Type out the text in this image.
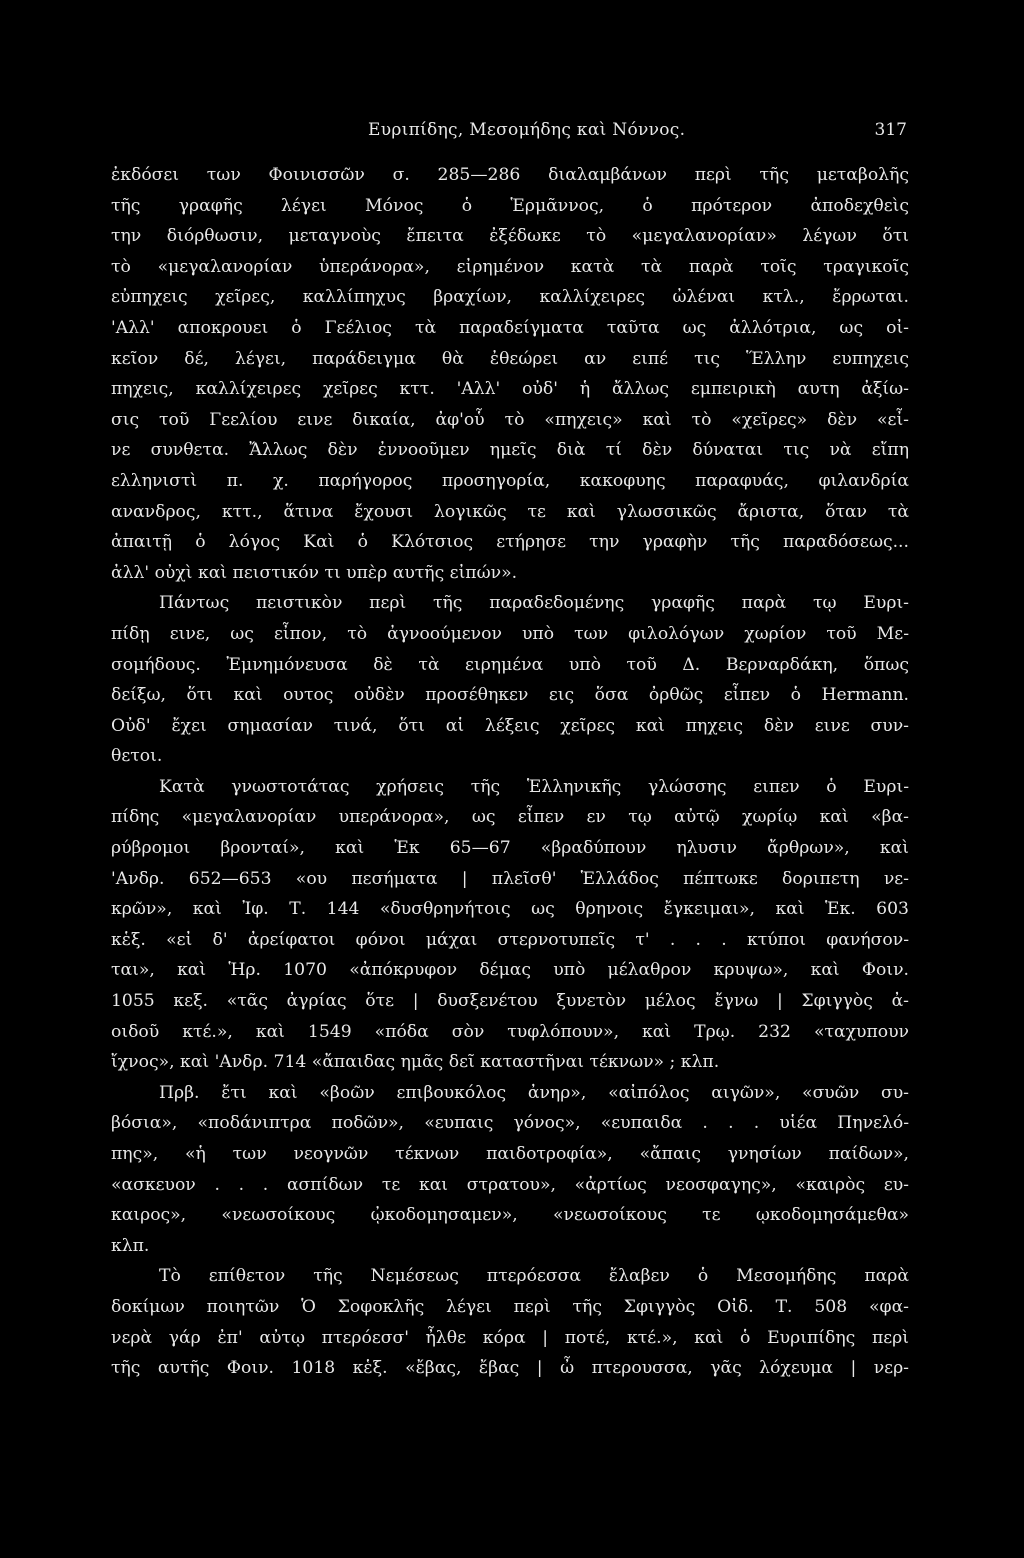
Ευριπίδης, Μεσομήδης καὶ Νόννος.	317
ἐκδόσει των Φοινισσῶν σ. 285—286 διαλαμβάνων περὶ τῆς μεταβολῆς
τῆς γραφῆς λέγει Μόνος ὁ Ἑρμᾶννος, ὁ πρότερον ἀποδεχθεὶς
την διόρθωσιν, μεταγνοὺς ἔπειτα ἐξέδωκε τὸ «μεγαλανορίαν» λέγων ὅτι
τὸ «μεγαλανορίαν ὑπεράνορα», εἰρημένον κατὰ τὰ παρὰ τοῖς τραγικοῖς
εὐπηχεις χεῖρες, καλλίπηχυς βραχίων, καλλίχειρες ὠλέναι κτλ., ἔρρωται.
'Αλλ' αποκρουει ὁ Γεέλιος τὰ παραδείγματα ταῦτα ως ἀλλότρια, ως οἰ-
κεῖον δέ, λέγει, παράδειγμα θὰ ἐθεώρει αν ειπέ τις Ἕλλην ευπηχεις
πηχεις, καλλίχειρες χεῖρες κττ. 'Αλλ' οὐδ' ἡ ἄλλως εμπειρικὴ αυτη ἀξίω-
σις τοῦ Γεελίου εινε δικαία, ἀφ'οὗ τὸ «πηχεις» καὶ τὸ «χεῖρες» δὲν «εἶ-
νε συνθετα. Ἄλλως δὲν ἐννοοῦμεν ημεῖς διὰ τί δὲν δύναται τις νὰ εἴπη
ελληνιστὶ π. χ. παρήγορος προσηγορία, κακοφυης παραφυάς, φιλανδρία
ανανδρος, κττ., ἅτινα ἔχουσι λογικῶς τε καὶ γλωσσικῶς ἄριστα, ὅταν τὰ
ἀπαιτῇ ὁ λόγος Καὶ ὁ Κλότσιος ετήρησε την γραφὴν τῆς παραδόσεως...
ἀλλ' οὐχὶ καὶ πειστικόν τι υπὲρ αυτῆς εἰπών».
Πάντως πειστικὸν περὶ τῆς παραδεδομένης γραφῆς παρὰ τῳ Ευρι-
πίδῃ εινε, ως εἶπον, τὸ ἀγνοούμενον υπὸ των φιλολόγων χωρίον τοῦ Με-
σομήδους. Ἐμνημόνευσα δὲ τὰ ειρημένα υπὸ τοῦ Δ. Βερναρδάκη, ὅπως
δείξω, ὅτι καὶ ουτος οὐδὲν προσέθηκεν εις ὅσα ὀρθῶς εἶπεν ὁ Hermann.
Οὐδ' ἔχει σημασίαν τινά, ὅτι αἱ λέξεις χεῖρες καὶ πηχεις δὲν εινε συν-
θετοι.
Κατὰ γνωστοτάτας χρήσεις τῆς Ἑλληνικῆς γλώσσης ειπεν ὁ Ευρι-
πίδης «μεγαλανορίαν υπεράνορα», ως εἶπεν εν τῳ αὐτῷ χωρίῳ καὶ «βα-
ρύβρομοι βρονταί», καὶ Ἑκ 65—67 «βραδύπουν ηλυσιν ἄρθρων», καὶ
'Ανδρ. 652—653 «ου πεσήματα | πλεῖσθ' Ἑλλάδος πέπτωκε δοριπετη νε-
κρῶν», καὶ Ἰφ. Τ. 144 «δυσθρηνήτοις ως θρηνοις ἔγκειμαι», καὶ Ἑκ. 603
κἑξ. «εἰ δ' ἀρείφατοι φόνοι μάχαι στερνοτυπεῖς τ' . . . κτύποι φανήσον-
ται», καὶ Ἡρ. 1070 «ἀπόκρυφον δέμας υπὸ μέλαθρον κρυψω», καὶ Φοιν.
1055 κεξ. «τᾶς ἀγρίας ὅτε | δυσξενέτου ξυνετὸν μέλος ἔγνω | Σφιγγὸς ἀ-
οιδοῦ κτέ.», καὶ 1549 «πόδα σὸν τυφλόπουν», καὶ Τρῳ. 232 «ταχυπουν
ἴχνος», καὶ 'Ανδρ. 714 «ἄπαιδας ημᾶς δεῖ καταστῆναι τέκνων» ; κλπ.
Πρβ. ἔτι καὶ «βοῶν επιβουκόλος ἀνηρ», «αἰπόλος αιγῶν», «συῶν συ-
βόσια», «ποδάνιπτρα ποδῶν», «ευπαις γόνος», «ευπαιδα . . . υἱέα Πηνελό-
πης», «ἡ των νεογνῶν τέκνων παιδοτροφία», «ἄπαις γνησίων παίδων»,
«ασκευον . . . ασπίδων τε και στρατου», «ἀρτίως νεοσφαγης», «καιρὸς ευ-
καιρος», «νεωσοίκους ᾠκοδομησαμεν», «νεωσοίκους τε ῳκοδομησάμεθα»
κλπ.
Τὸ επίθετον τῆς Νεμέσεως πτερόεσσα ἔλαβεν ὁ Μεσομήδης παρὰ
δοκίμων ποιητῶν Ὁ Σοφοκλῆς λέγει περὶ τῆς Σφιγγὸς Οἰδ. Τ. 508 «φα-
νερὰ γάρ ἐπ' αὐτῳ πτερόεσσ' ἦλθε κόρα | ποτέ, κτέ.», καὶ ὁ Ευριπίδης περὶ
τῆς αυτῆς Φοιν. 1018 κἑξ. «ἔβας, ἔβας | ὦ πτερουσσα, γᾶς λόχευμα | νερ-
